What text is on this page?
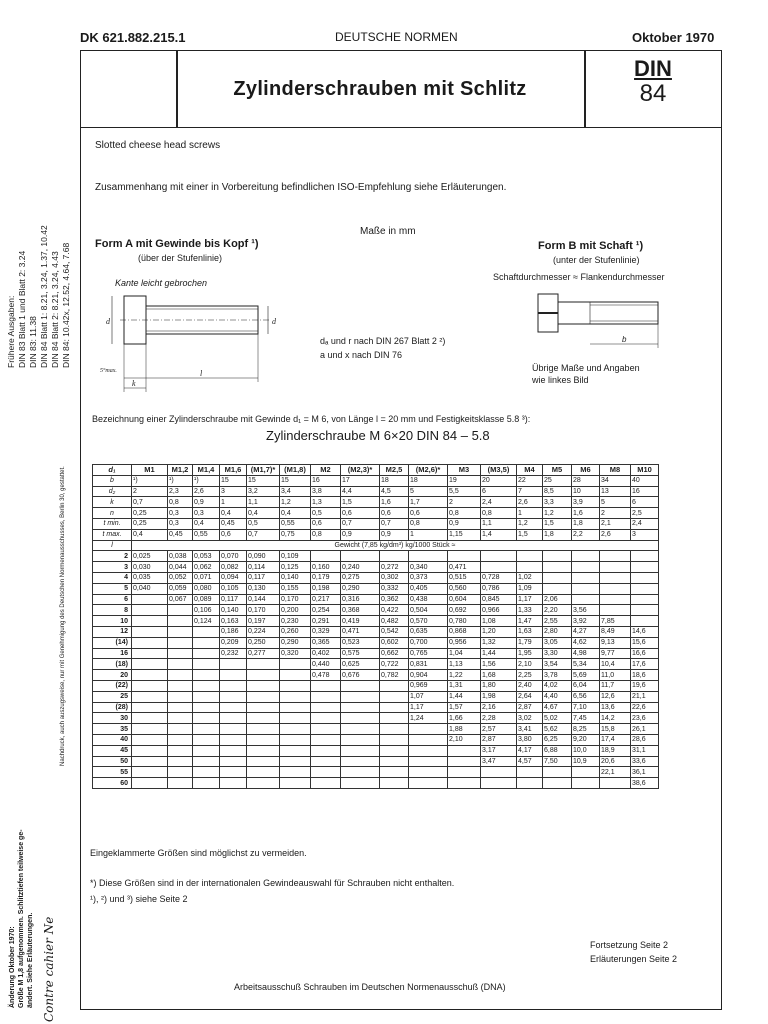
DK 621.882.215.1	DEUTSCHE NORMEN	Oktober 1970
Zylinderschrauben mit Schlitz
DIN
84
Slotted cheese head screws
Zusammenhang mit einer in Vorbereitung befindlichen ISO-Empfehlung siehe Erläuterungen.
Maße in mm
Form A mit Gewinde bis Kopf ¹)
(über der Stufenlinie)
Kante leicht gebrochen
d	d
l
k
5°max.
dₐ und r nach DIN 267 Blatt 2 ²)
a und x nach DIN 76
Form B mit Schaft ¹)
(unter der Stufenlinie)
Schaftdurchmesser ≈ Flankendurchmesser
b
Übrige Maße und Angaben
wie linkes Bild
Bezeichnung einer Zylinderschraube mit Gewinde d₁ = M 6, von Länge l = 20 mm und Festigkeitsklasse 5.8 ³):
Zylinderschraube M 6×20 DIN 84 – 5.8
d₁	M1	M1,2	M1,4	M1,6	(M1,7)*	(M1,8)	M2	(M2,3)*	M2,5	(M2,6)*	M3	(M3,5)	M4	M5	M6	M8	M10
b	¹)	¹)	¹)	15	15	15	16	17	18	18	19	20	22	25	28	34	40
d₂	2	2,3	2,6	3	3,2	3,4	3,8	4,4	4,5	5	5,5	6	7	8,5	10	13	16
k	0,7	0,8	0,9	1	1,1	1,2	1,3	1,5	1,6	1,7	2	2,4	2,6	3,3	3,9	5	6
n	0,25	0,3	0,3	0,4	0,4	0,4	0,5	0,6	0,6	0,6	0,8	0,8	1	1,2	1,6	2	2,5
t min.	0,25	0,3	0,4	0,45	0,5	0,55	0,6	0,7	0,7	0,8	0,9	1,1	1,2	1,5	1,8	2,1	2,4
t max.	0,4	0,45	0,55	0,6	0,7	0,75	0,8	0,9	0,9	1	1,15	1,4	1,5	1,8	2,2	2,6	3
l	Gewicht (7,85 kg/dm³) kg/1000 Stück ≈																
2	0,025	0,038	0,053	0,070	0,090	0,109											
3	0,030	0,044	0,062	0,082	0,114	0,125	0,160	0,240	0,272	0,340	0,471						
4	0,035	0,052	0,071	0,094	0,117	0,140	0,179	0,275	0,302	0,373	0,515	0,728	1,02				
5	0,040	0,059	0,080	0,105	0,130	0,155	0,198	0,290	0,332	0,405	0,560	0,786	1,09				
6		0,067	0,089	0,117	0,144	0,170	0,217	0,316	0,362	0,438	0,604	0,845	1,17	2,06			
8			0,106	0,140	0,170	0,200	0,254	0,368	0,422	0,504	0,692	0,966	1,33	2,20	3,56		
10			0,124	0,163	0,197	0,230	0,291	0,419	0,482	0,570	0,780	1,08	1,47	2,55	3,92	7,85	
12				0,186	0,224	0,260	0,329	0,471	0,542	0,635	0,868	1,20	1,63	2,80	4,27	8,49	14,6
(14)				0,209	0,250	0,290	0,365	0,523	0,602	0,700	0,956	1,32	1,79	3,05	4,62	9,13	15,6
16				0,232	0,277	0,320	0,402	0,575	0,662	0,765	1,04	1,44	1,95	3,30	4,98	9,77	16,6
(18)							0,440	0,625	0,722	0,831	1,13	1,56	2,10	3,54	5,34	10,4	17,6
20							0,478	0,676	0,782	0,904	1,22	1,68	2,25	3,78	5,69	11,0	18,6
(22)										0,969	1,31	1,80	2,40	4,02	6,04	11,7	19,6
25										1,07	1,44	1,98	2,64	4,40	6,56	12,6	21,1
(28)										1,17	1,57	2,16	2,87	4,67	7,10	13,6	22,6
30										1,24	1,66	2,28	3,02	5,02	7,45	14,2	23,6
35											1,88	2,57	3,41	5,62	8,25	15,8	26,1
40											2,10	2,87	3,80	6,25	9,20	17,4	28,6
45												3,17	4,17	6,88	10,0	18,9	31,1
50												3,47	4,57	7,50	10,9	20,6	33,6
55																22,1	36,1
60																	38,6
Eingeklammerte Größen sind möglichst zu vermeiden.
*) Diese Größen sind in der internationalen Gewindeauswahl für Schrauben nicht enthalten.
¹), ²) und ³) siehe Seite 2
Fortsetzung Seite 2
Erläuterungen Seite 2
Arbeitsausschuß Schrauben im Deutschen Normenausschuß (DNA)
Frühere Ausgaben: DIN 83 Blatt 1 und Blatt 2: 3.24 DIN 83: 11.38 DIN 84 Blatt 1: 8.21, 3.24, 1.37, 10.42 DIN 84 Blatt 2: 8.21, 3.24, 4.43 DIN 84: 10.42x, 12.52, 4.64, 7.68
Änderung Oktober 1970: Größe M 1,8 aufgenommen. Schlitztiefen teilweise ge- ändert. Siehe Erläuterungen. Contre cahier Ne
Nachdruck, auch auszugsweise, nur mit Genehmigung des Deutschen Normenausschusses, Berlin 30, gestattet.
